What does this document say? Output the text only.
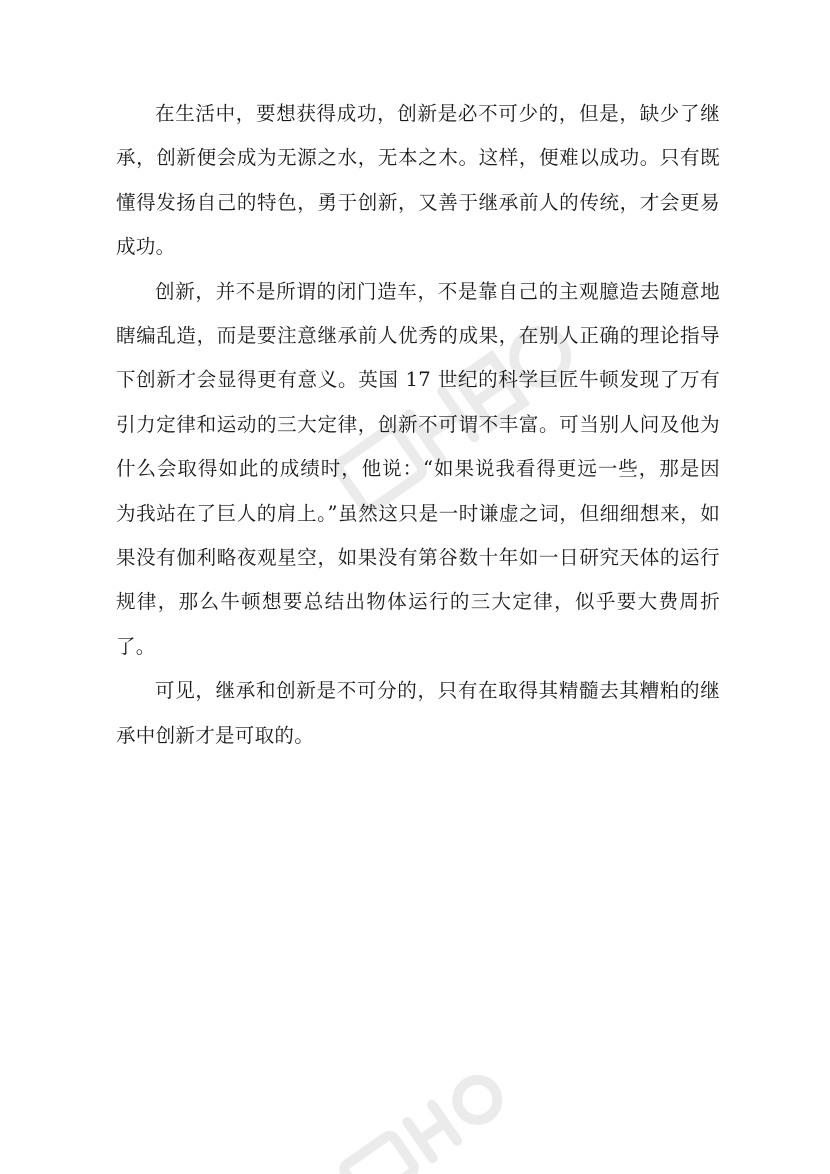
在生活中，要想获得成功，创新是必不可少的，但是，缺少了继承，创新便会成为无源之水，无本之木。这样，便难以成功。只有既懂得发扬自己的特色，勇于创新，又善于继承前人的传统，才会更易成功。

创新，并不是所谓的闭门造车，不是靠自己的主观臆造去随意地瞎编乱造，而是要注意继承前人优秀的成果，在别人正确的理论指导下创新才会显得更有意义。英国 17 世纪的科学巨匠牛顿发现了万有引力定律和运动的三大定律，创新不可谓不丰富。可当别人问及他为什么会取得如此的成绩时，他说：“如果说我看得更远一些，那是因为我站在了巨人的肩上。”虽然这只是一时谦虚之词，但细细想来，如果没有伽利略夜观星空，如果没有第谷数十年如一日研究天体的运行规律，那么牛顿想要总结出物体运行的三大定律，似乎要大费周折了。

可见，继承和创新是不可分的，只有在取得其精髓去其糟粕的继承中创新才是可取的。
